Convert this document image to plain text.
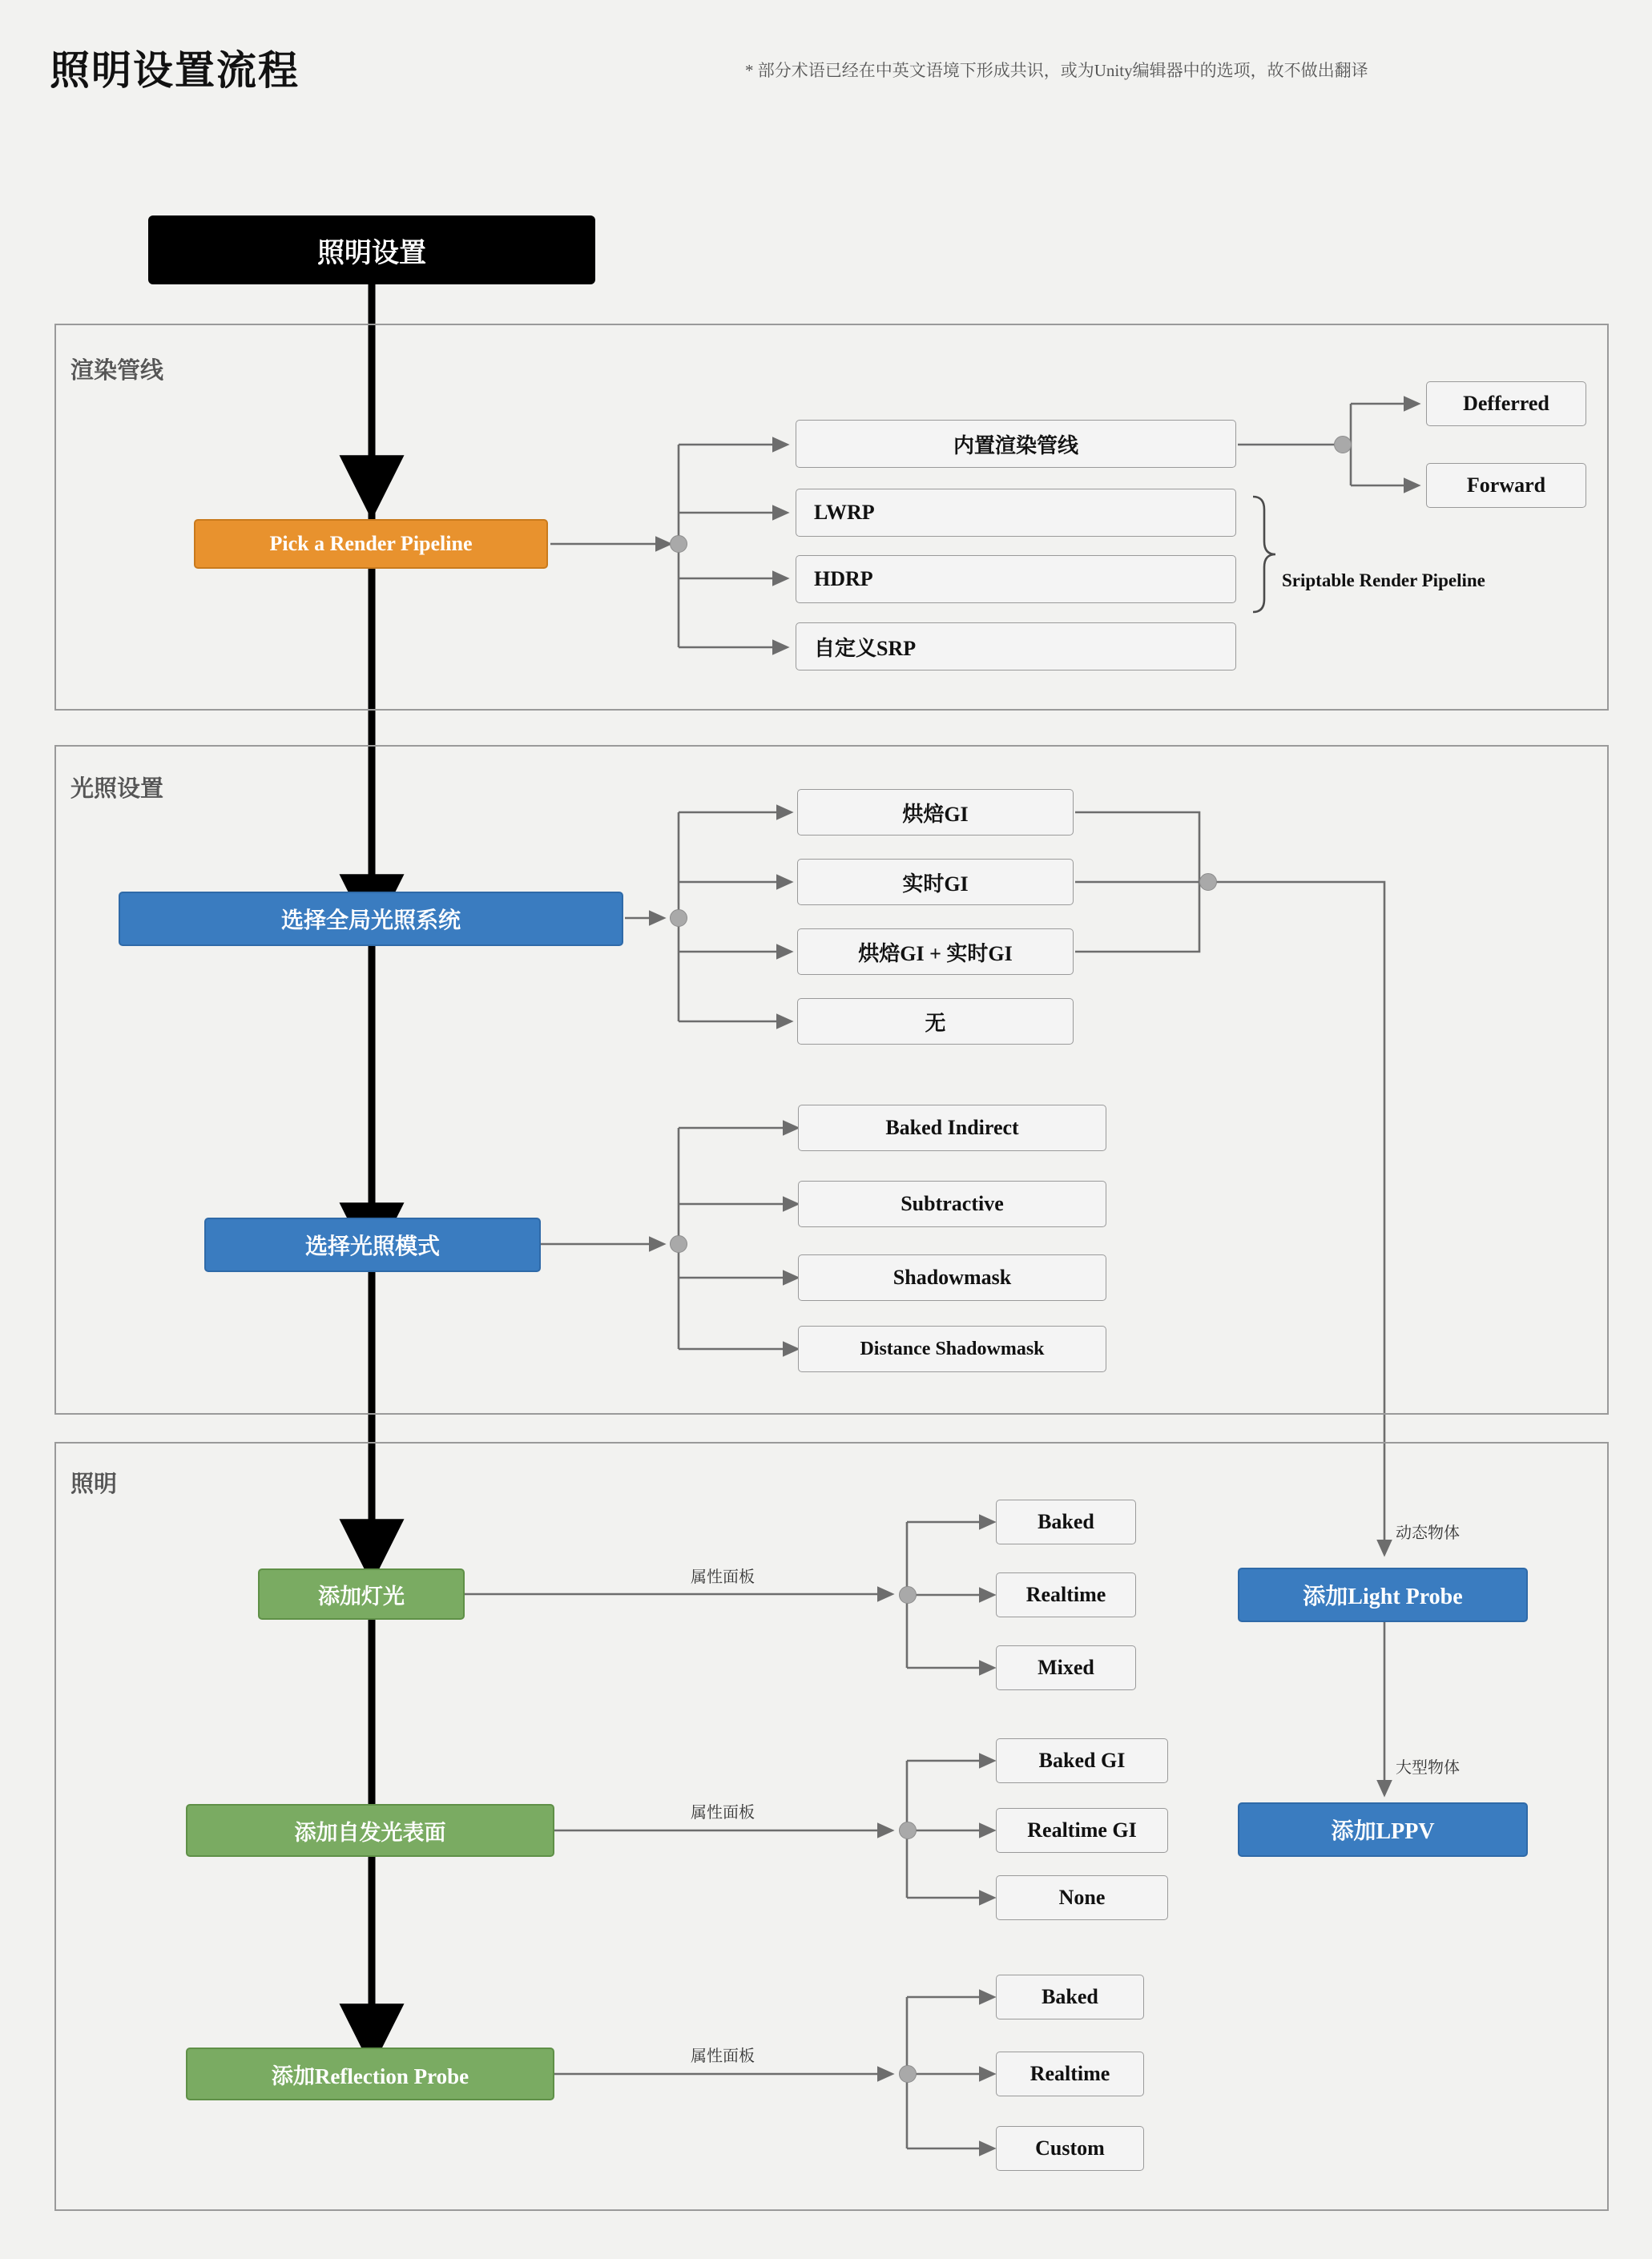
照明设置流程	* 部分术语已经在中英文语境下形成共识，或为Unity编辑器中的选项，故不做出翻译
渲染管线
光照设置
照明
照明设置
Pick a Render Pipeline
内置渲染管线
LWRP
HDRP
自定义SRP
Defferred
Forward
Sriptable Render Pipeline
选择全局光照系统
烘焙GI
实时GI
烘焙GI + 实时GI
无
选择光照模式
Baked Indirect
Subtractive
Shadowmask
Distance Shadowmask
添加灯光
属性面板
Baked
Realtime
Mixed
添加自发光表面
属性面板
Baked GI
Realtime GI
None
添加Reflection Probe
属性面板
Baked
Realtime
Custom
动态物体
添加Light Probe
大型物体
添加LPPV
